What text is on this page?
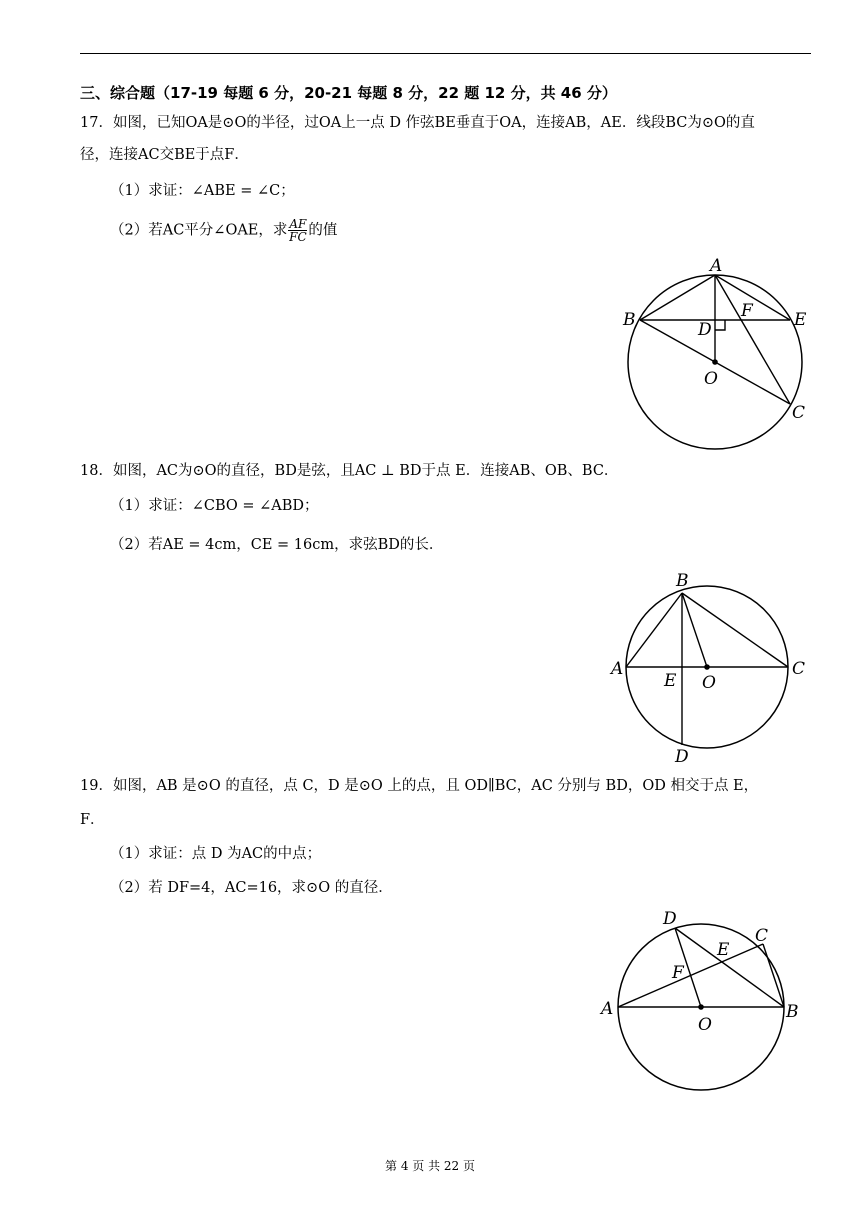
三、综合题（17-19 每题 6 分，20-21 每题 8 分，22 题 12 分，共 46 分）
17．如图，已知OA是⊙O的半径，过OA上一点 D 作弦BE垂直于OA，连接AB，AE．线段BC为⊙O的直
径，连接AC交BE于点F．
（1）求证：∠ABE = ∠C；
（2）若AC平分∠OAE，求 $\frac{AF}{FC}$ 的值
A
B	E
F
D
O
C
18．如图，AC为⊙O的直径，BD是弦，且AC ⊥ BD于点 E．连接AB、OB、BC．
（1）求证：∠CBO = ∠ABD；
（2）若AE = 4cm，CE = 16cm，求弦BD的长．
B
A	C
E O
D
19．如图，AB 是⊙O 的直径，点 C，D 是⊙O 上的点，且 OD∥BC，AC 分别与 BD，OD 相交于点 E，
F．
（1）求证：点 D 为AC的中点；
（2）若 DF=4，AC=16，求⊙O 的直径．
D
C
E
F
A	B
O
第 4 页 共 22 页
